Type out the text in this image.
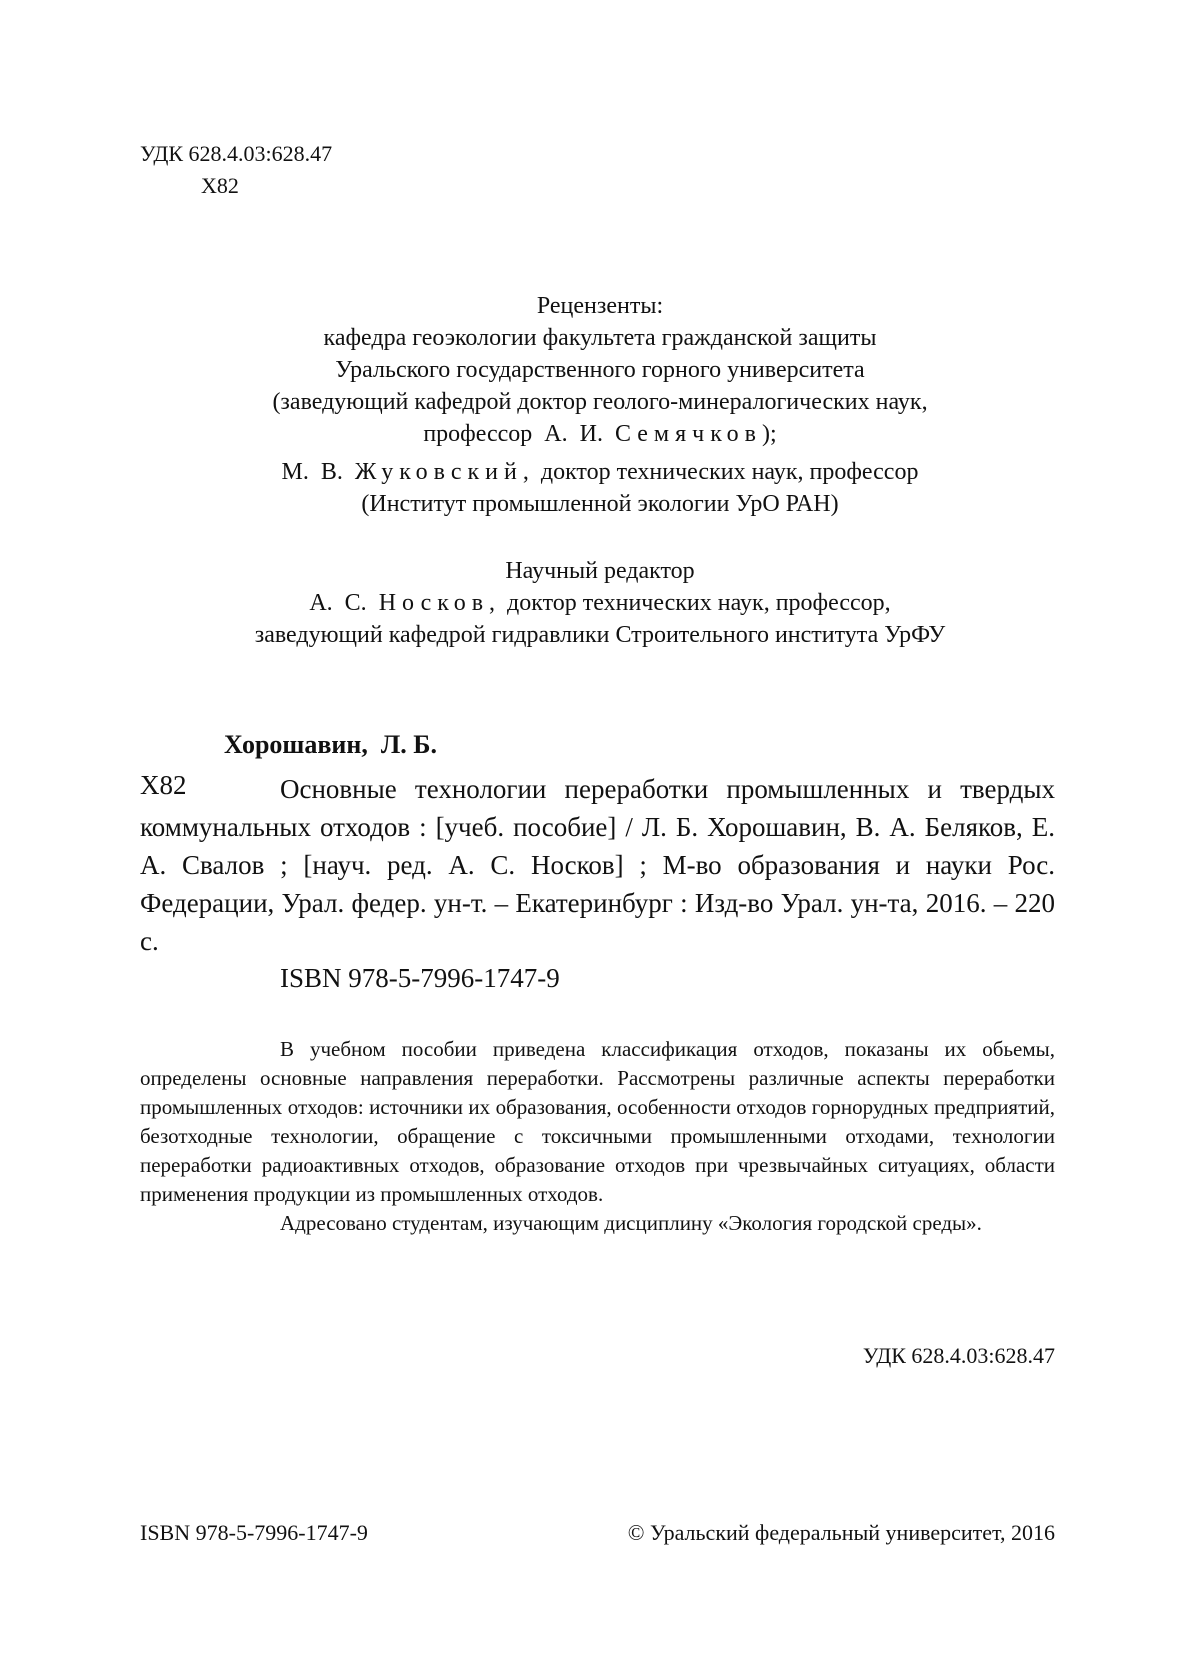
УДК 628.4.03:628.47
Х82
Рецензенты:
кафедра геоэкологии факультета гражданской защиты
Уральского государственного горного университета
(заведующий кафедрой доктор геолого-минералогических наук,
профессор  А.  И.  Семячков);
М.  В.  Жуковский,  доктор технических наук, профессор
(Институт промышленной экологии УрО РАН)
Научный редактор
А.  С.  Носков,  доктор технических наук, профессор,
заведующий кафедрой гидравлики Строительного института УрФУ
Хорошавин,  Л. Б.
Х82	Основные технологии переработки промышленных и твердых коммунальных отходов : [учеб. пособие] / Л. Б. Хорошавин, В. А. Беляков, Е. А. Свалов ; [науч. ред. А. С. Носков] ; М-во образования и науки Рос. Федерации, Урал. федер. ун-т. – Екатеринбург : Изд-во Урал. ун-та, 2016. – 220 с.
ISBN 978-5-7996-1747-9

В учебном пособии приведена классификация отходов, показаны их обьемы, определены основные направления переработки. Рассмотрены различные аспекты переработки промышленных отходов: источники их образования, особенности отходов горнорудных предприятий, безотходные технологии, обращение с токсичными промышленными отходами, технологии переработки радиоактивных отходов, образование отходов при чрезвычайных ситуациях, области применения продукции из промышленных отходов.

Адресовано студентам, изучающим дисциплину «Экология городской среды».

УДК 628.4.03:628.47
ISBN 978-5-7996-1747-9	© Уральский федеральный университет, 2016
